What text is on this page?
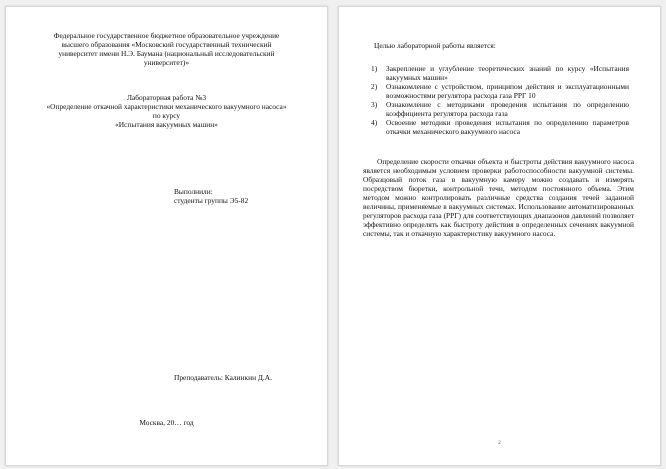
Федеральное государственное бюджетное образовательное учреждение
высшего образования «Московский государственный технический
университет имени Н.Э. Баумана (национальный исследовательский
университет)»
Лабораторная работа №3
«Определение откачной характеристики механического вакуумного насоса»
по курсу
«Испытания вакуумных машин»
Выполнили:
студенты группы Э5-82
Преподаватель: Калинкин Д.А.
Москва, 20… год
Целью лабораторной работы является:
1) Закрепление и углубление теоретических знаний по курсу «Испытания вакуумных машин»
2) Ознакомление с устройством, принципом действия и эксплуатационными возможностями регулятора расхода газа РРГ 10
3) Ознакомление с методиками проведения испытания по определению коэффициента регулятора расхода газа
4) Освоение методики проведения испытания по определению параметров откачки механического вакуумного насоса
Определение скорости откачки объекта и быстроты действия вакуумного насоса является необходимым условием проверки работоспособности вакуумной системы. Образцовый поток газа в вакуумную камеру можно создавать и измерять посредством бюретки, контрольной течи, методом постоянного объема. Этим методом можно контролировать различные средства создания течей заданной величины, применяемые в вакуумных системах. Использование автоматизированных регуляторов расхода газа (РРГ) для соответствующих диапазонов давлений позволяет эффективно определять как быстроту действия в определенных сечениях вакуумной системы, так и откачную характеристику вакуумного насоса.
2
